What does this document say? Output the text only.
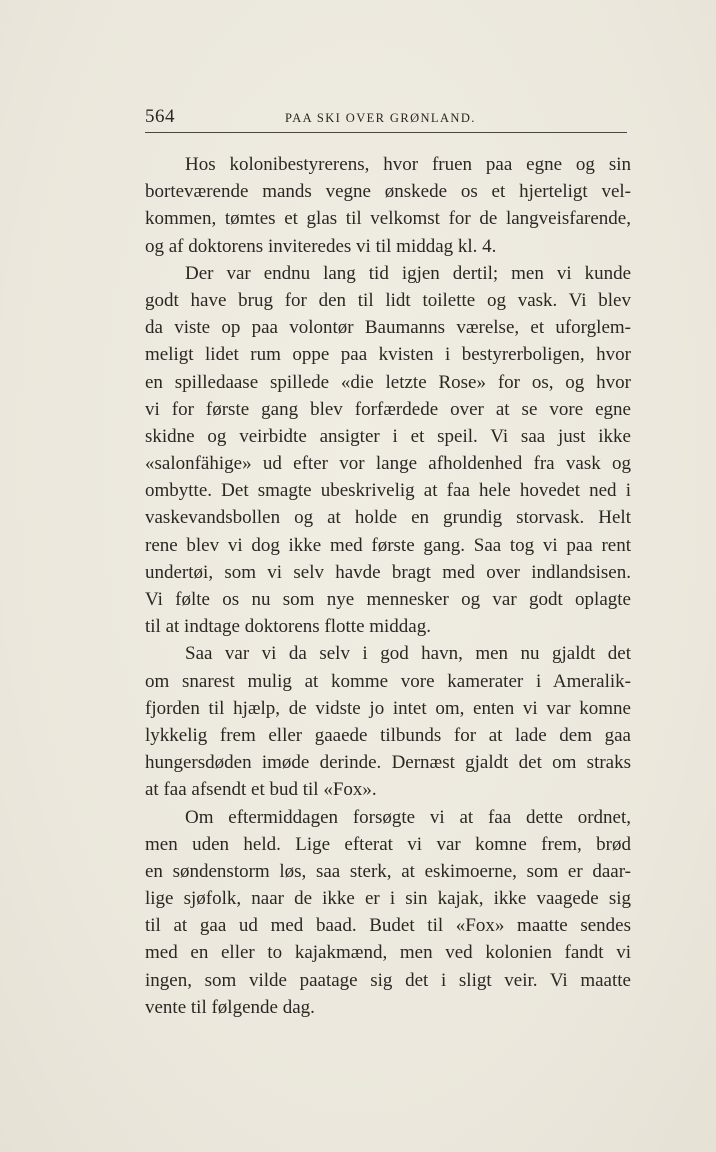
564	PAA SKI OVER GRØNLAND.
Hos kolonibestyrerens, hvor fruen paa egne og sin
borteværende mands vegne ønskede os et hjerteligt vel-
kommen, tømtes et glas til velkomst for de langveisfarende,
og af doktorens inviteredes vi til middag kl. 4.
Der var endnu lang tid igjen dertil; men vi kunde
godt have brug for den til lidt toilette og vask. Vi blev
da viste op paa volontør Baumanns værelse, et uforglem-
meligt lidet rum oppe paa kvisten i bestyrerboligen, hvor
en spilledaase spillede «die letzte Rose» for os, og hvor
vi for første gang blev forfærdede over at se vore egne
skidne og veirbidte ansigter i et speil. Vi saa just ikke
«salonfähige» ud efter vor lange afholdenhed fra vask og
ombytte. Det smagte ubeskrivelig at faa hele hovedet ned i
vaskevandsbollen og at holde en grundig storvask. Helt
rene blev vi dog ikke med første gang. Saa tog vi paa rent
undertøi, som vi selv havde bragt med over indlandsisen.
Vi følte os nu som nye mennesker og var godt oplagte
til at indtage doktorens flotte middag.
Saa var vi da selv i god havn, men nu gjaldt det
om snarest mulig at komme vore kamerater i Ameralik-
fjorden til hjælp, de vidste jo intet om, enten vi var komne
lykkelig frem eller gaaede tilbunds for at lade dem gaa
hungersdøden imøde derinde. Dernæst gjaldt det om straks
at faa afsendt et bud til «Fox».
Om eftermiddagen forsøgte vi at faa dette ordnet,
men uden held. Lige efterat vi var komne frem, brød
en søndenstorm løs, saa sterk, at eskimoerne, som er daar-
lige sjøfolk, naar de ikke er i sin kajak, ikke vaagede sig
til at gaa ud med baad. Budet til «Fox» maatte sendes
med en eller to kajakmænd, men ved kolonien fandt vi
ingen, som vilde paatage sig det i sligt veir. Vi maatte
vente til følgende dag.
